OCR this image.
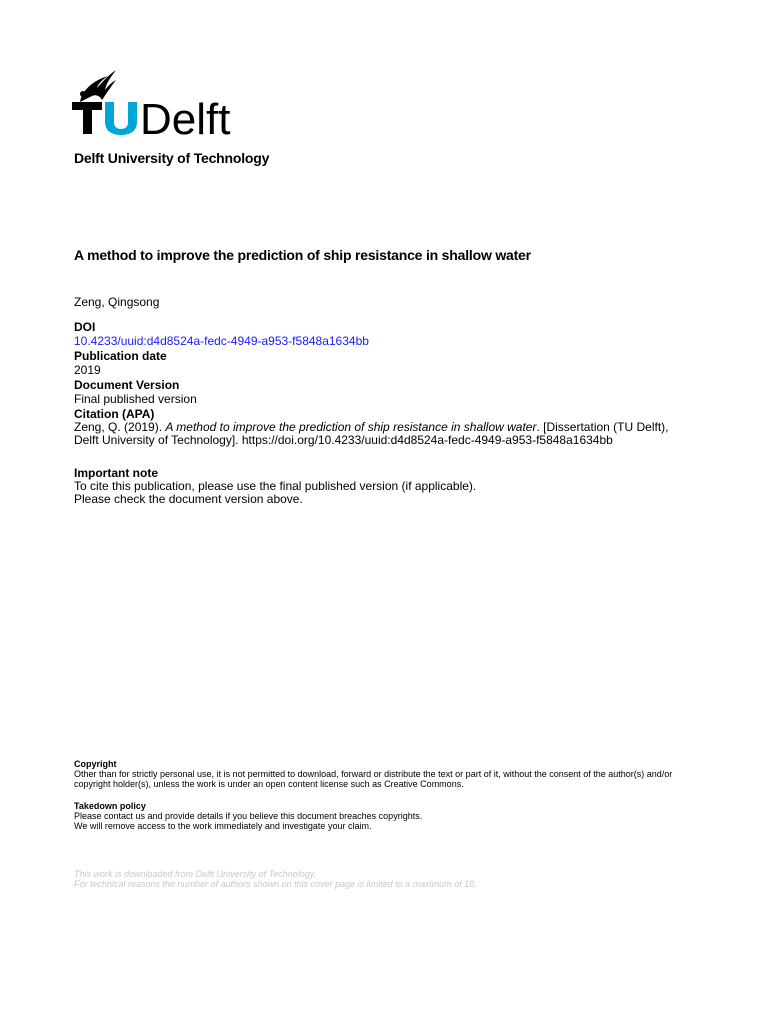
Delft
Delft University of Technology
A method to improve the prediction of ship resistance in shallow water
Zeng, Qingsong
DOI
10.4233/uuid:d4d8524a-fedc-4949-a953-f5848a1634bb
Publication date
2019
Document Version
Final published version
Citation (APA)
Zeng, Q. (2019). A method to improve the prediction of ship resistance in shallow water. [Dissertation (TU Delft), Delft University of Technology]. https://doi.org/10.4233/uuid:d4d8524a-fedc-4949-a953-f5848a1634bb
Important note
To cite this publication, please use the final published version (if applicable).
Please check the document version above.
Copyright
Other than for strictly personal use, it is not permitted to download, forward or distribute the text or part of it, without the consent of the author(s) and/or copyright holder(s), unless the work is under an open content license such as Creative Commons.
Takedown policy
Please contact us and provide details if you believe this document breaches copyrights.
We will remove access to the work immediately and investigate your claim.
This work is downloaded from Delft University of Technology.
For technical reasons the number of authors shown on this cover page is limited to a maximum of 10.
